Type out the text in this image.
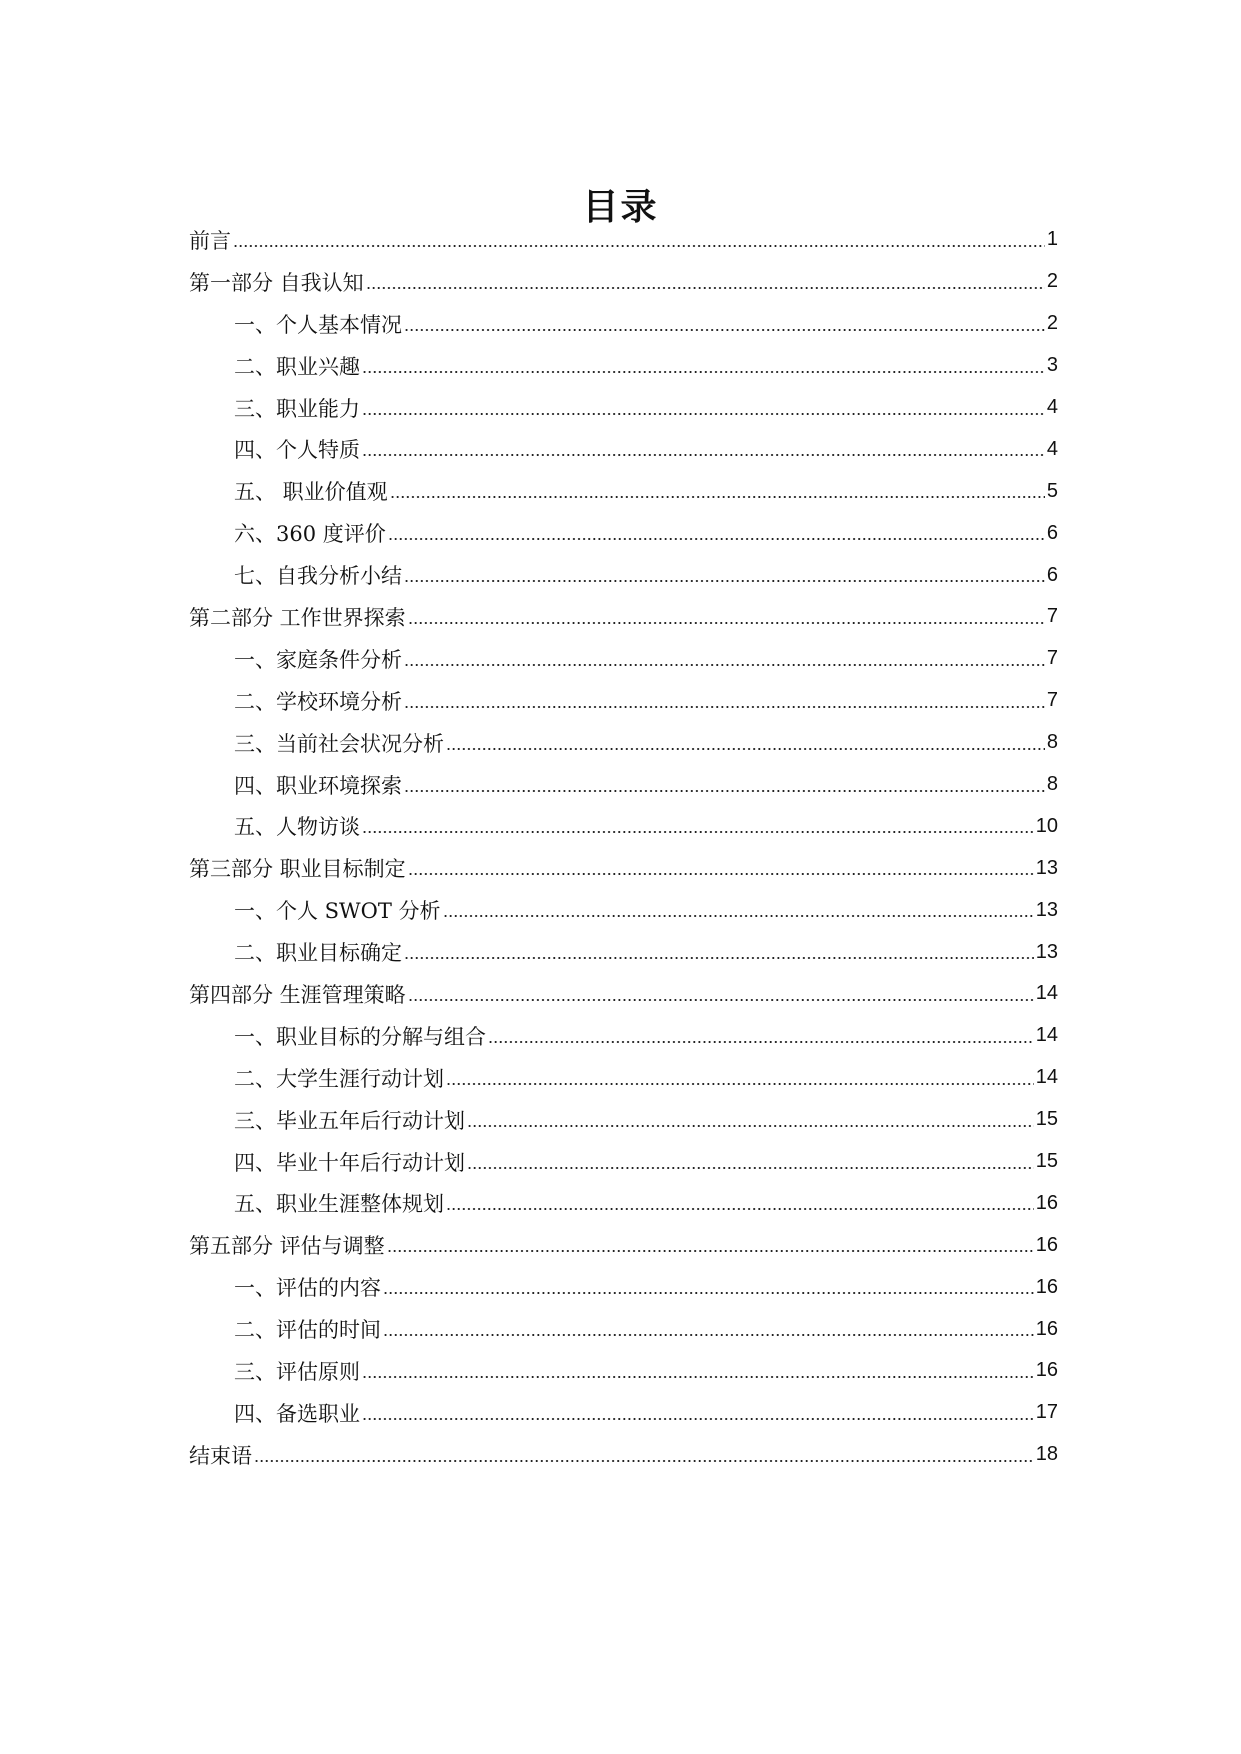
目录
前言	1
第一部分 自我认知	2
一、个人基本情况	2
二、职业兴趣	3
三、职业能力	4
四、个人特质	4
五、 职业价值观	5
六、360 度评价	6
七、自我分析小结	6
第二部分 工作世界探索	7
一、家庭条件分析	7
二、学校环境分析	7
三、当前社会状况分析	8
四、职业环境探索	8
五、人物访谈	10
第三部分 职业目标制定	13
一、个人 SWOT 分析	13
二、职业目标确定	13
第四部分 生涯管理策略	14
一、职业目标的分解与组合	14
二、大学生涯行动计划	14
三、毕业五年后行动计划	15
四、毕业十年后行动计划	15
五、职业生涯整体规划	16
第五部分 评估与调整	16
一、评估的内容	16
二、评估的时间	16
三、评估原则	16
四、备选职业	17
结束语	18
